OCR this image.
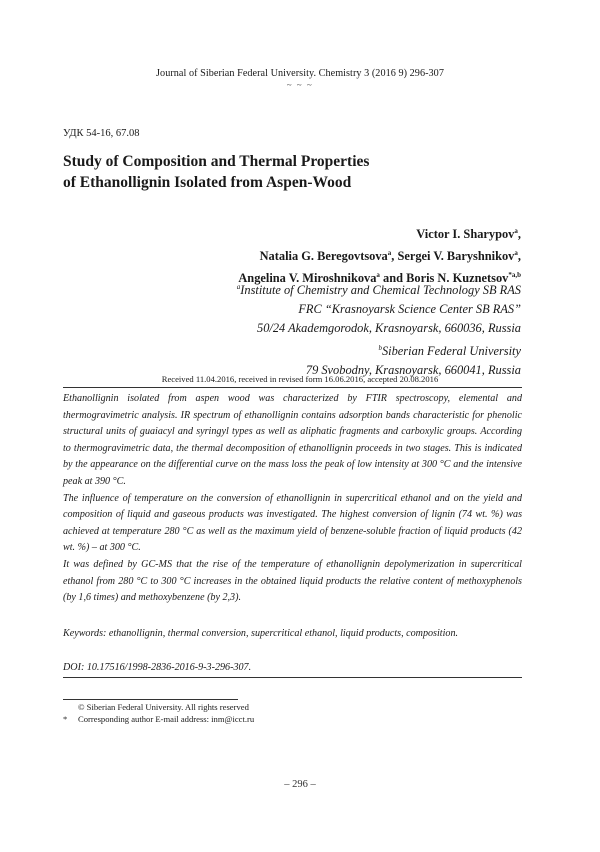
Journal of Siberian Federal University. Chemistry 3 (2016 9) 296-307
~ ~ ~
УДК 54-16, 67.08
Study of Composition and Thermal Properties
of Ethanollignin Isolated from Aspen-Wood
Victor I. Sharypov$^a$,
Natalia G. Beregovtsova$^a$, Sergei V. Baryshnikov$^a$,
Angelina V. Miroshnikova$^a$ and Boris N. Kuznetsov$^{*a,b}$
$^a$Institute of Chemistry and Chemical Technology SB RAS
FRC “Krasnoyarsk Science Center SB RAS”
50/24 Akademgorodok, Krasnoyarsk, 660036, Russia
$^b$Siberian Federal University
79 Svobodny, Krasnoyarsk, 660041, Russia
Received 11.04.2016, received in revised form 16.06.2016, accepted 20.08.2016

Ethanollignin isolated from aspen wood was characterized by FTIR spectroscopy, elemental and thermogravimetric analysis. IR spectrum of ethanollignin contains adsorption bands characteristic for phenolic structural units of guaiacyl and syringyl types as well as aliphatic fragments and carboxylic groups. According to thermogravimetric data, the thermal decomposition of ethanollignin proceeds in two stages. This is indicated by the appearance on the differential curve on the mass loss the peak of low intensity at 300 °C and the intensive peak at 390 °C.

The influence of temperature on the conversion of ethanollignin in supercritical ethanol and on the yield and composition of liquid and gaseous products was investigated. The highest conversion of lignin (74 wt. %) was achieved at temperature 280 °C as well as the maximum yield of benzene-soluble fraction of liquid products (42 wt. %) – at 300 °C.

It was defined by GC-MS that the rise of the temperature of ethanollignin depolymerization in supercritical ethanol from 280 °C to 300 °C increases in the obtained liquid products the relative content of methoxyphenols (by 1,6 times) and methoxybenzene (by 2,3).

Keywords: ethanollignin, thermal conversion, supercritical ethanol, liquid products, composition.
DOI: 10.17516/1998-2836-2016-9-3-296-307.
© Siberian Federal University. All rights reserved
* Corresponding author E-mail address: inm@icct.ru
– 296 –
